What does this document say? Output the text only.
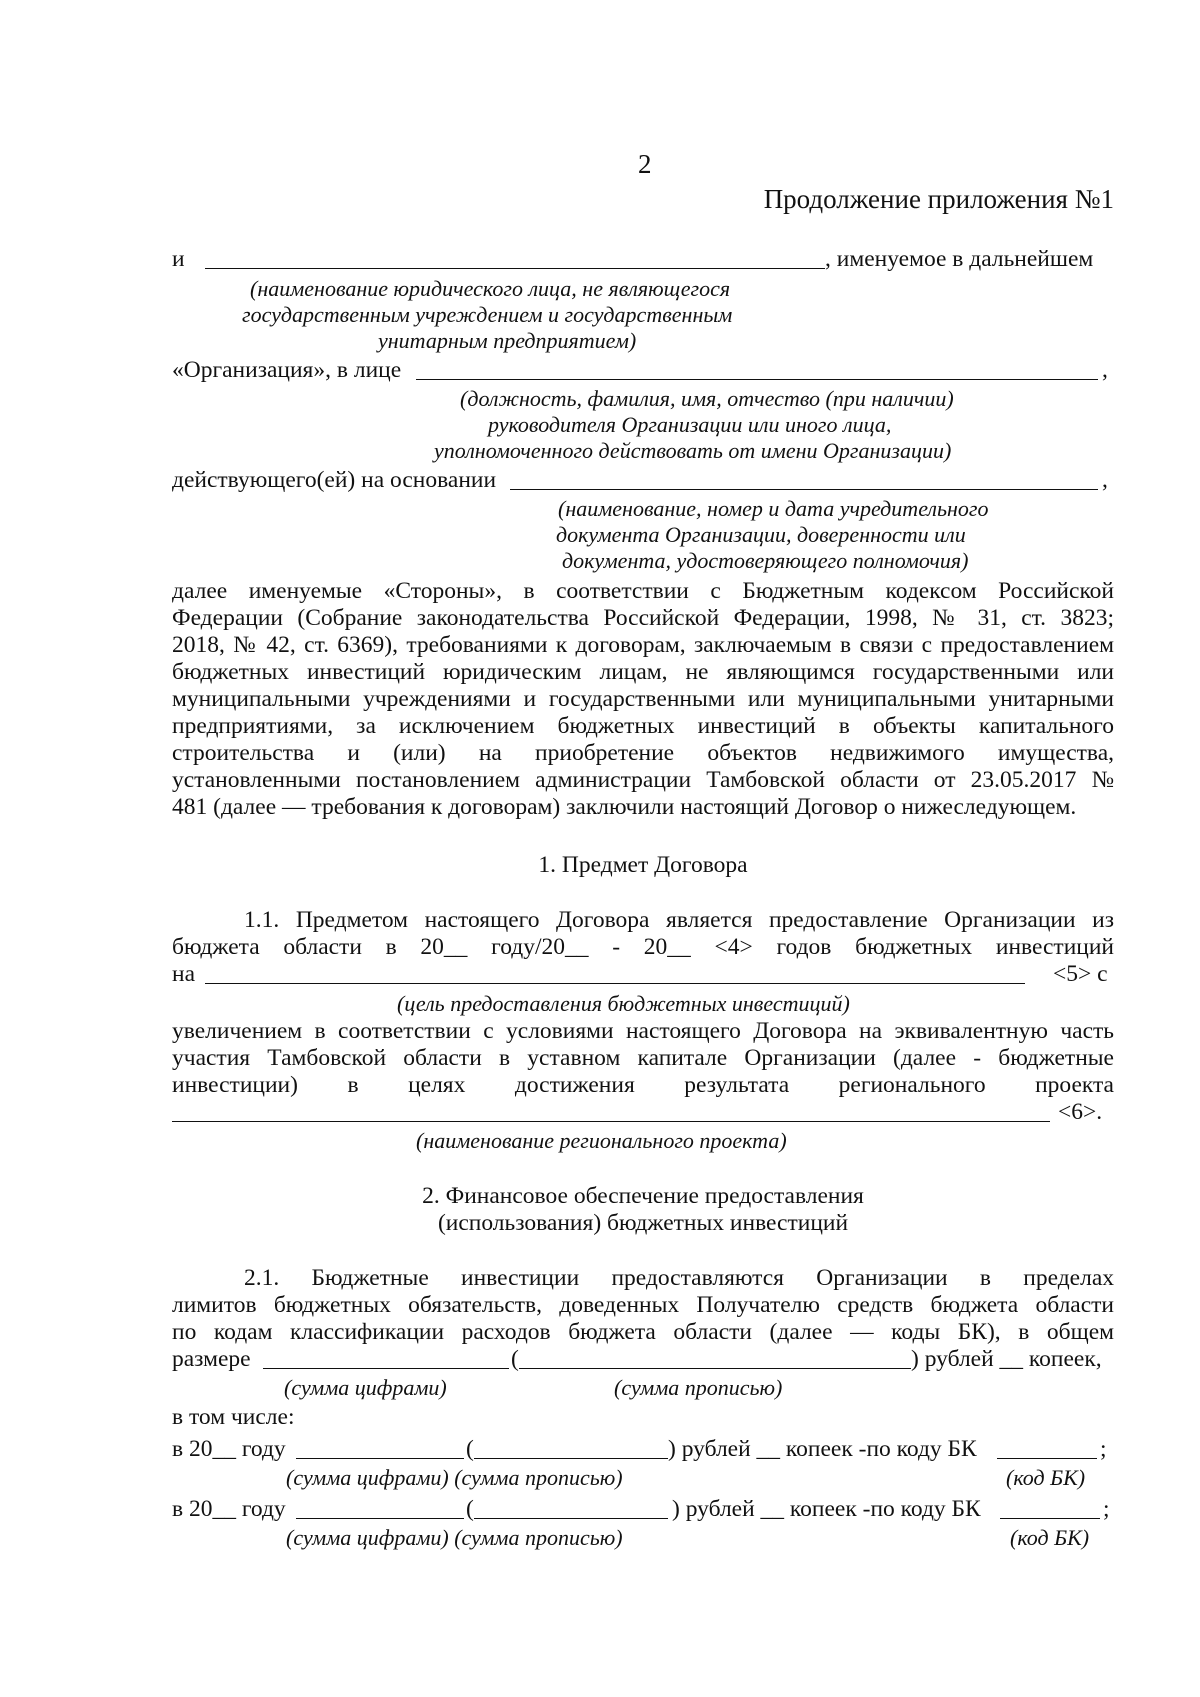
2
Продолжение приложения №1
и	, именуемое в дальнейшем
(наименование юридического лица, не являющегося
государственным учреждением и государственным
унитарным предприятием)
«Организация», в лице	,
(должность, фамилия, имя, отчество (при наличии)
руководителя Организации или иного лица,
уполномоченного действовать от имени Организации)
действующего(ей) на основании	,
(наименование, номер и дата учредительного
документа Организации, доверенности или
документа, удостоверяющего полномочия)
далее именуемые «Стороны», в соответствии с Бюджетным кодексом Российской
Федерации (Собрание законодательства Российской Федерации, 1998, № 31, ст. 3823;
2018, № 42, ст. 6369), требованиями к договорам, заключаемым в связи с предоставлением
бюджетных инвестиций юридическим лицам, не являющимся государственными или
муниципальными учреждениями и государственными или муниципальными унитарными
предприятиями, за исключением бюджетных инвестиций в объекты капитального
строительства и (или) на приобретение объектов недвижимого имущества,
установленными постановлением администрации Тамбовской области от 23.05.2017 №
481 (далее — требования к договорам) заключили настоящий Договор о нижеследующем.
1. Предмет Договора
1.1. Предметом настоящего Договора является предоставление Организации из
бюджета области в 20__ году/20__ - 20__ <4> годов бюджетных инвестиций
на	<5> с
(цель предоставления бюджетных инвестиций)
увеличением в соответствии с условиями настоящего Договора на эквивалентную часть
участия Тамбовской области в уставном капитале Организации (далее - бюджетные
инвестиции) в целях достижения результата регионального проекта
<6>.
(наименование регионального проекта)
2. Финансовое обеспечение предоставления
(использования) бюджетных инвестиций
2.1. Бюджетные инвестиции предоставляются Организации в пределах
лимитов бюджетных обязательств, доведенных Получателю средств бюджета области
по кодам классификации расходов бюджета области (далее — коды БК), в общем
размере	(	) рублей __ копеек,
(сумма цифрами)	(сумма прописью)
в том числе:
в 20__ году	(	) рублей __ копеек -по коду БК	;
(сумма цифрами) (сумма прописью)	(код БК)
в 20__ году	(	) рублей __ копеек -по коду БК	;
(сумма цифрами) (сумма прописью)	(код БК)
